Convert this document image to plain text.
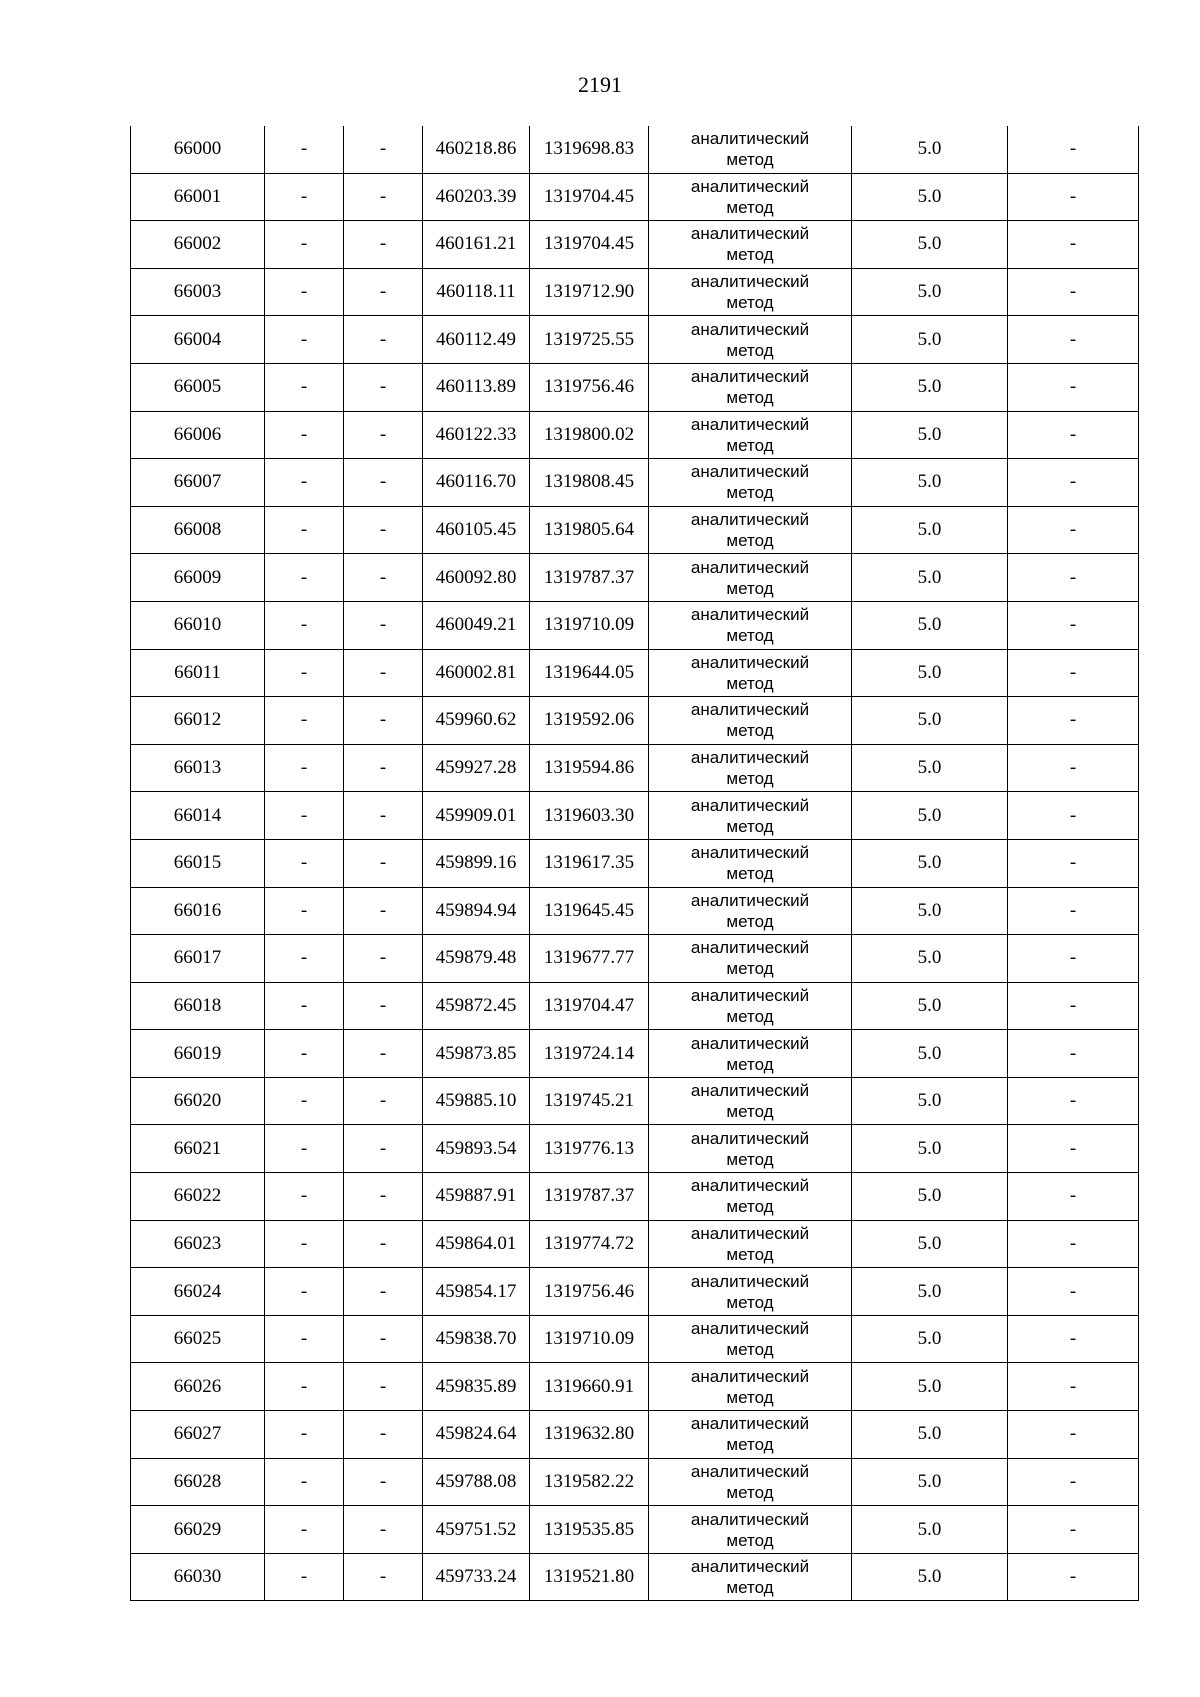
2191
66000	-	-	460218.86	1319698.83	аналитический
метод	5.0	-
66001	-	-	460203.39	1319704.45	аналитический
метод	5.0	-
66002	-	-	460161.21	1319704.45	аналитический
метод	5.0	-
66003	-	-	460118.11	1319712.90	аналитический
метод	5.0	-
66004	-	-	460112.49	1319725.55	аналитический
метод	5.0	-
66005	-	-	460113.89	1319756.46	аналитический
метод	5.0	-
66006	-	-	460122.33	1319800.02	аналитический
метод	5.0	-
66007	-	-	460116.70	1319808.45	аналитический
метод	5.0	-
66008	-	-	460105.45	1319805.64	аналитический
метод	5.0	-
66009	-	-	460092.80	1319787.37	аналитический
метод	5.0	-
66010	-	-	460049.21	1319710.09	аналитический
метод	5.0	-
66011	-	-	460002.81	1319644.05	аналитический
метод	5.0	-
66012	-	-	459960.62	1319592.06	аналитический
метод	5.0	-
66013	-	-	459927.28	1319594.86	аналитический
метод	5.0	-
66014	-	-	459909.01	1319603.30	аналитический
метод	5.0	-
66015	-	-	459899.16	1319617.35	аналитический
метод	5.0	-
66016	-	-	459894.94	1319645.45	аналитический
метод	5.0	-
66017	-	-	459879.48	1319677.77	аналитический
метод	5.0	-
66018	-	-	459872.45	1319704.47	аналитический
метод	5.0	-
66019	-	-	459873.85	1319724.14	аналитический
метод	5.0	-
66020	-	-	459885.10	1319745.21	аналитический
метод	5.0	-
66021	-	-	459893.54	1319776.13	аналитический
метод	5.0	-
66022	-	-	459887.91	1319787.37	аналитический
метод	5.0	-
66023	-	-	459864.01	1319774.72	аналитический
метод	5.0	-
66024	-	-	459854.17	1319756.46	аналитический
метод	5.0	-
66025	-	-	459838.70	1319710.09	аналитический
метод	5.0	-
66026	-	-	459835.89	1319660.91	аналитический
метод	5.0	-
66027	-	-	459824.64	1319632.80	аналитический
метод	5.0	-
66028	-	-	459788.08	1319582.22	аналитический
метод	5.0	-
66029	-	-	459751.52	1319535.85	аналитический
метод	5.0	-
66030	-	-	459733.24	1319521.80	аналитический
метод	5.0	-
